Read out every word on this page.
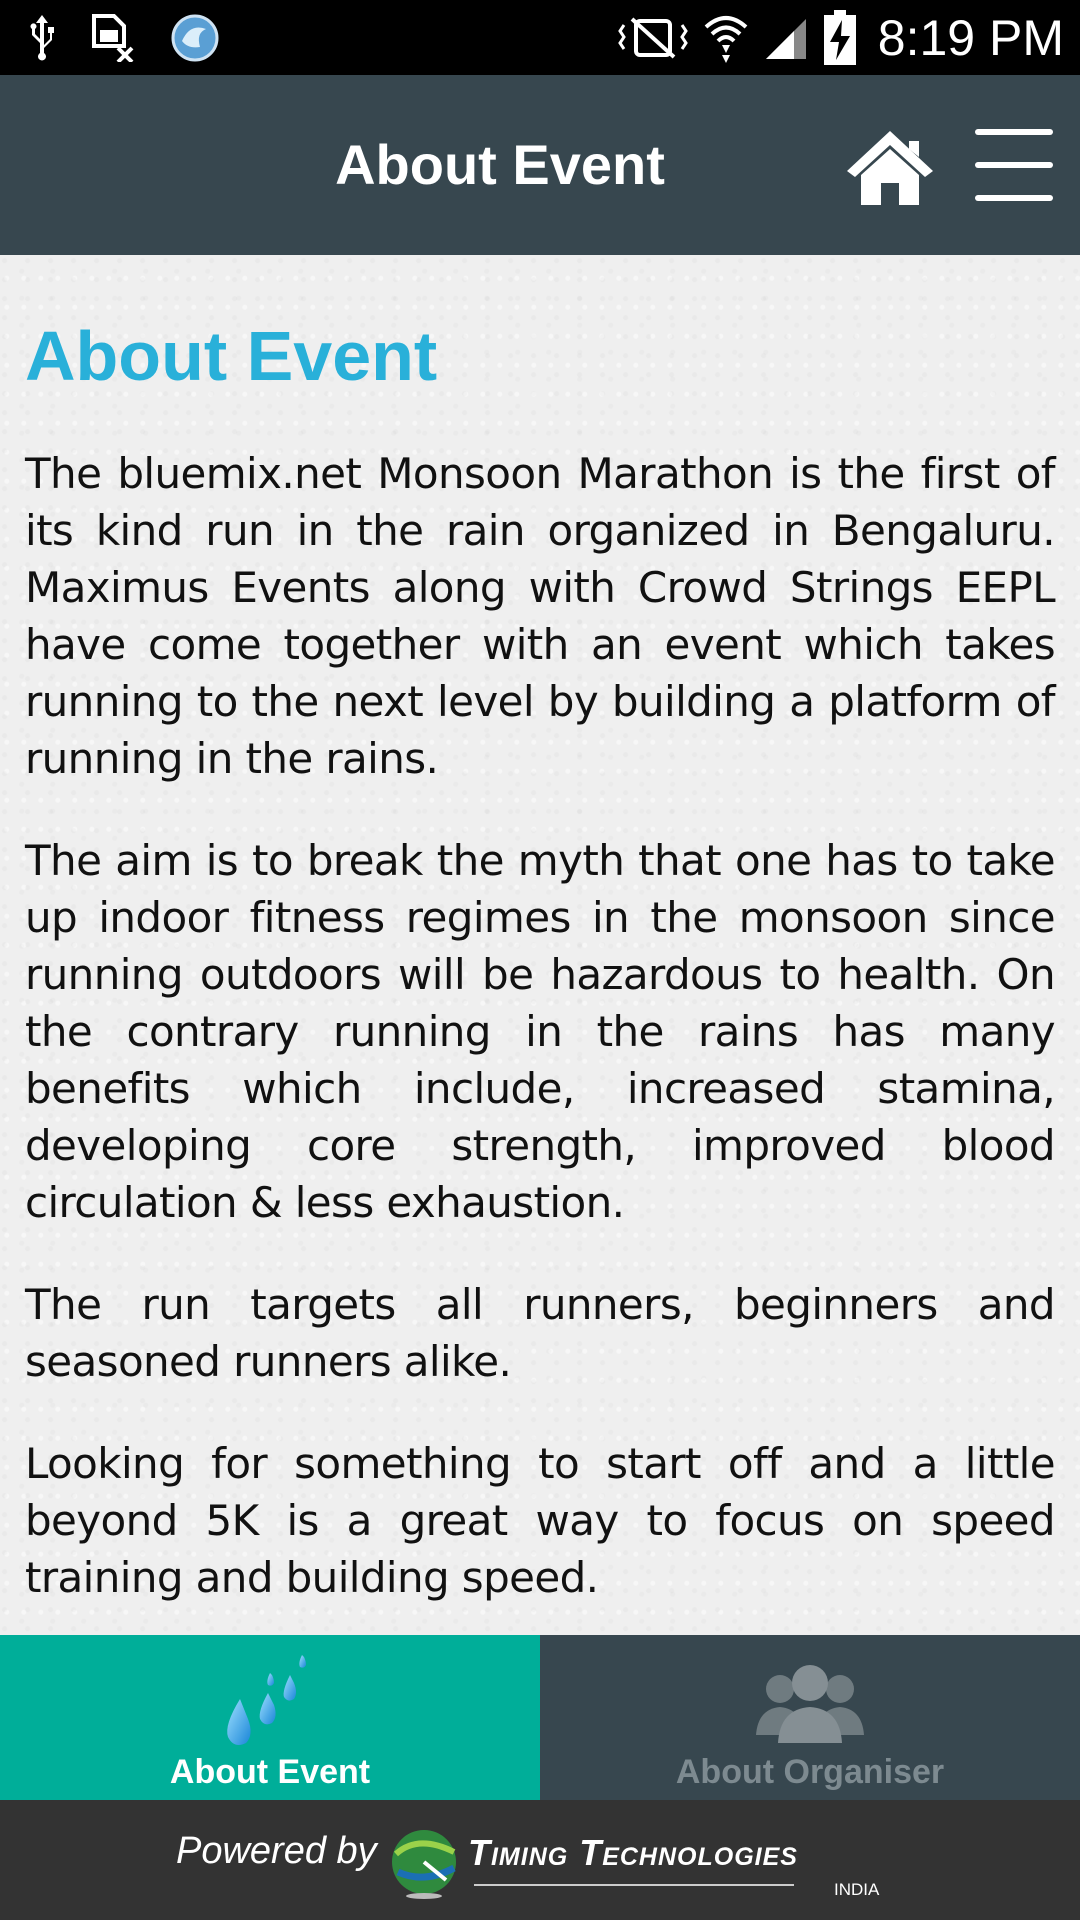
8:19 PM
About Event
About Event

The bluemix.net Monsoon Marathon is the first of its kind run in the rain organized in Bengaluru. Maximus Events along with Crowd Strings EEPL have come together with an event which takes running to the next level by building a platform of running in the rains.

The aim is to break the myth that one has to take up indoor fitness regimes in the monsoon since running outdoors will be hazardous to health. On the contrary running in the rains has many benefits which include, increased stamina, developing core strength, improved blood circulation & less exhaustion.

The run targets all runners, beginners and seasoned runners alike.

Looking for something to start off and a little beyond 5K is a great way to focus on speed training and building speed.

About Event	About Organiser
Powered by	Timing Technologies
INDIA
